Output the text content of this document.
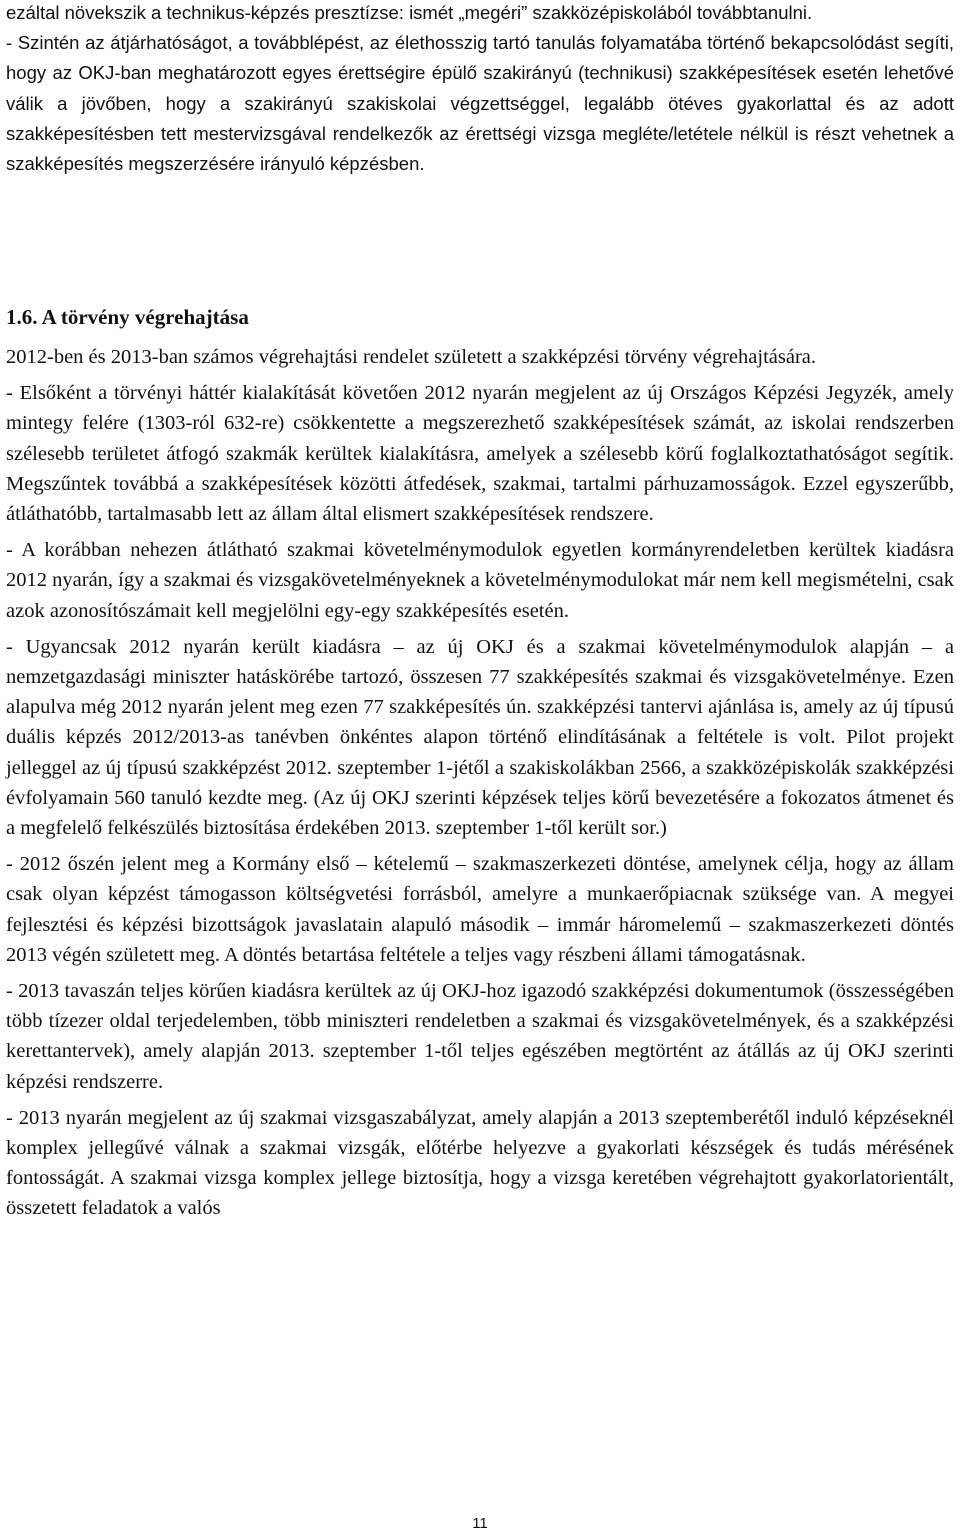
ezáltal növekszik a technikus-képzés presztízse: ismét „megéri” szakközépiskolából továbbtanulni.

- Szintén az átjárhatóságot, a továbblépést, az élethosszig tartó tanulás folyamatába történő bekapcsolódást segíti, hogy az OKJ-ban meghatározott egyes érettségire épülő szakirányú (technikusi) szakképesítések esetén lehetővé válik a jövőben, hogy a szakirányú szakiskolai végzettséggel, legalább ötéves gyakorlattal és az adott szakképesítésben tett mestervizsgával rendelkezők az érettségi vizsga megléte/letétele nélkül is részt vehetnek a szakképesítés megszerzésére irányuló képzésben.

1.6. A törvény végrehajtása

2012-ben és 2013-ban számos végrehajtási rendelet született a szakképzési törvény végrehajtására.

- Elsőként a törvényi háttér kialakítását követően 2012 nyarán megjelent az új Országos Képzési Jegyzék, amely mintegy felére (1303-ról 632-re) csökkentette a megszerezhető szakképesítések számát, az iskolai rendszerben szélesebb területet átfogó szakmák kerültek kialakításra, amelyek a szélesebb körű foglalkoztathatóságot segítik. Megszűntek továbbá a szakképesítések közötti átfedések, szakmai, tartalmi párhuzamosságok. Ezzel egyszerűbb, átláthatóbb, tartalmasabb lett az állam által elismert szakképesítések rendszere.

- A korábban nehezen átlátható szakmai követelménymodulok egyetlen kormányrendeletben kerültek kiadásra 2012 nyarán, így a szakmai és vizsgakövetelményeknek a követelménymodulokat már nem kell megismételni, csak azok azonosítószámait kell megjelölni egy-egy szakképesítés esetén.

- Ugyancsak 2012 nyarán került kiadásra – az új OKJ és a szakmai követelménymodulok alapján – a nemzetgazdasági miniszter hatáskörébe tartozó, összesen 77 szakképesítés szakmai és vizsgakövetelménye. Ezen alapulva még 2012 nyarán jelent meg ezen 77 szakképesítés ún. szakképzési tantervi ajánlása is, amely az új típusú duális képzés 2012/2013-as tanévben önkéntes alapon történő elindításának a feltétele is volt. Pilot projekt jelleggel az új típusú szakképzést 2012. szeptember 1-jétől a szakiskolákban 2566, a szakközépiskolák szakképzési évfolyamain 560 tanuló kezdte meg. (Az új OKJ szerinti képzések teljes körű bevezetésére a fokozatos átmenet és a megfelelő felkészülés biztosítása érdekében 2013. szeptember 1-től került sor.)

- 2012 őszén jelent meg a Kormány első – kételemű – szakmaszerkezeti döntése, amelynek célja, hogy az állam csak olyan képzést támogasson költségvetési forrásból, amelyre a munkaerőpiacnak szüksége van. A megyei fejlesztési és képzési bizottságok javaslatain alapuló második – immár háromelemű – szakmaszerkezeti döntés 2013 végén született meg. A döntés betartása feltétele a teljes vagy részbeni állami támogatásnak.

- 2013 tavaszán teljes körűen kiadásra kerültek az új OKJ-hoz igazodó szakképzési dokumentumok (összességében több tízezer oldal terjedelemben, több miniszteri rendeletben a szakmai és vizsgakövetelmények, és a szakképzési kerettantervek), amely alapján 2013. szeptember 1-től teljes egészében megtörtént az átállás az új OKJ szerinti képzési rendszerre.

- 2013 nyarán megjelent az új szakmai vizsgaszabályzat, amely alapján a 2013 szeptemberétől induló képzéseknél komplex jellegűvé válnak a szakmai vizsgák, előtérbe helyezve a gyakorlati készségek és tudás mérésének fontosságát. A szakmai vizsga komplex jellege biztosítja, hogy a vizsga keretében végrehajtott gyakorlatorientált, összetett feladatok a valós

11
